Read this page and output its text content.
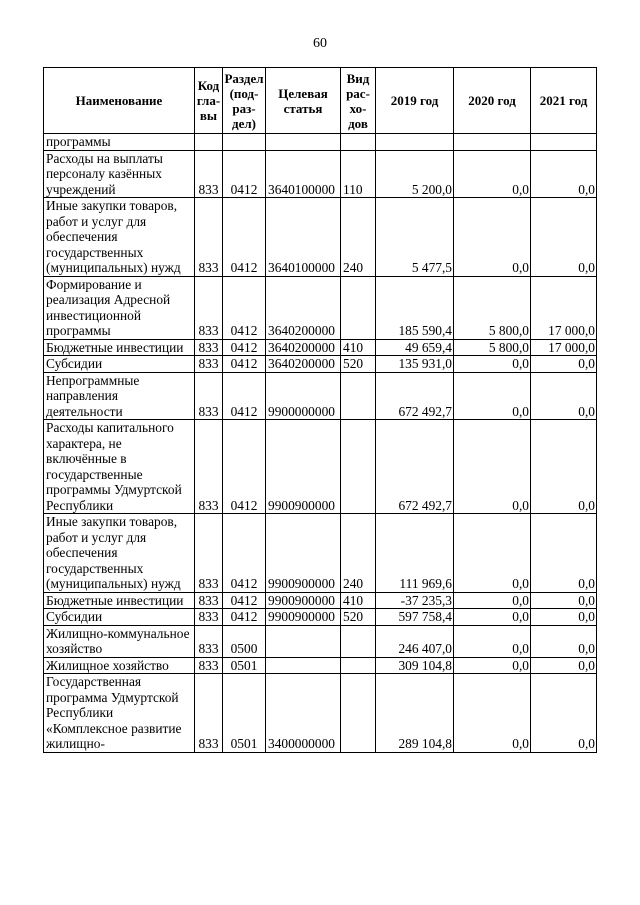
60
Наименование	Код гла-вы	Раздел (под-раз-дел)	Целевая статья	Вид рас-хо-дов	2019 год	2020 год	2021 год
программы							
Расходы на выплаты персоналу казённых учреждений	833	0412	3640100000	110	5 200,0	0,0	0,0
Иные закупки товаров, работ и услуг для обеспечения государственных (муниципальных) нужд	833	0412	3640100000	240	5 477,5	0,0	0,0
Формирование и реализация Адресной инвестиционной программы	833	0412	3640200000		185 590,4	5 800,0	17 000,0
Бюджетные инвестиции	833	0412	3640200000	410	49 659,4	5 800,0	17 000,0
Субсидии	833	0412	3640200000	520	135 931,0	0,0	0,0
Непрограммные направления деятельности	833	0412	9900000000		672 492,7	0,0	0,0
Расходы капитального характера, не включённые в государственные программы Удмуртской Республики	833	0412	9900900000		672 492,7	0,0	0,0
Иные закупки товаров, работ и услуг для обеспечения государственных (муниципальных) нужд	833	0412	9900900000	240	111 969,6	0,0	0,0
Бюджетные инвестиции	833	0412	9900900000	410	-37 235,3	0,0	0,0
Субсидии	833	0412	9900900000	520	597 758,4	0,0	0,0
Жилищно-коммунальное хозяйство	833	0500			246 407,0	0,0	0,0
Жилищное хозяйство	833	0501			309 104,8	0,0	0,0
Государственная программа Удмуртской Республики «Комплексное развитие жилищно-	833	0501	3400000000		289 104,8	0,0	0,0
